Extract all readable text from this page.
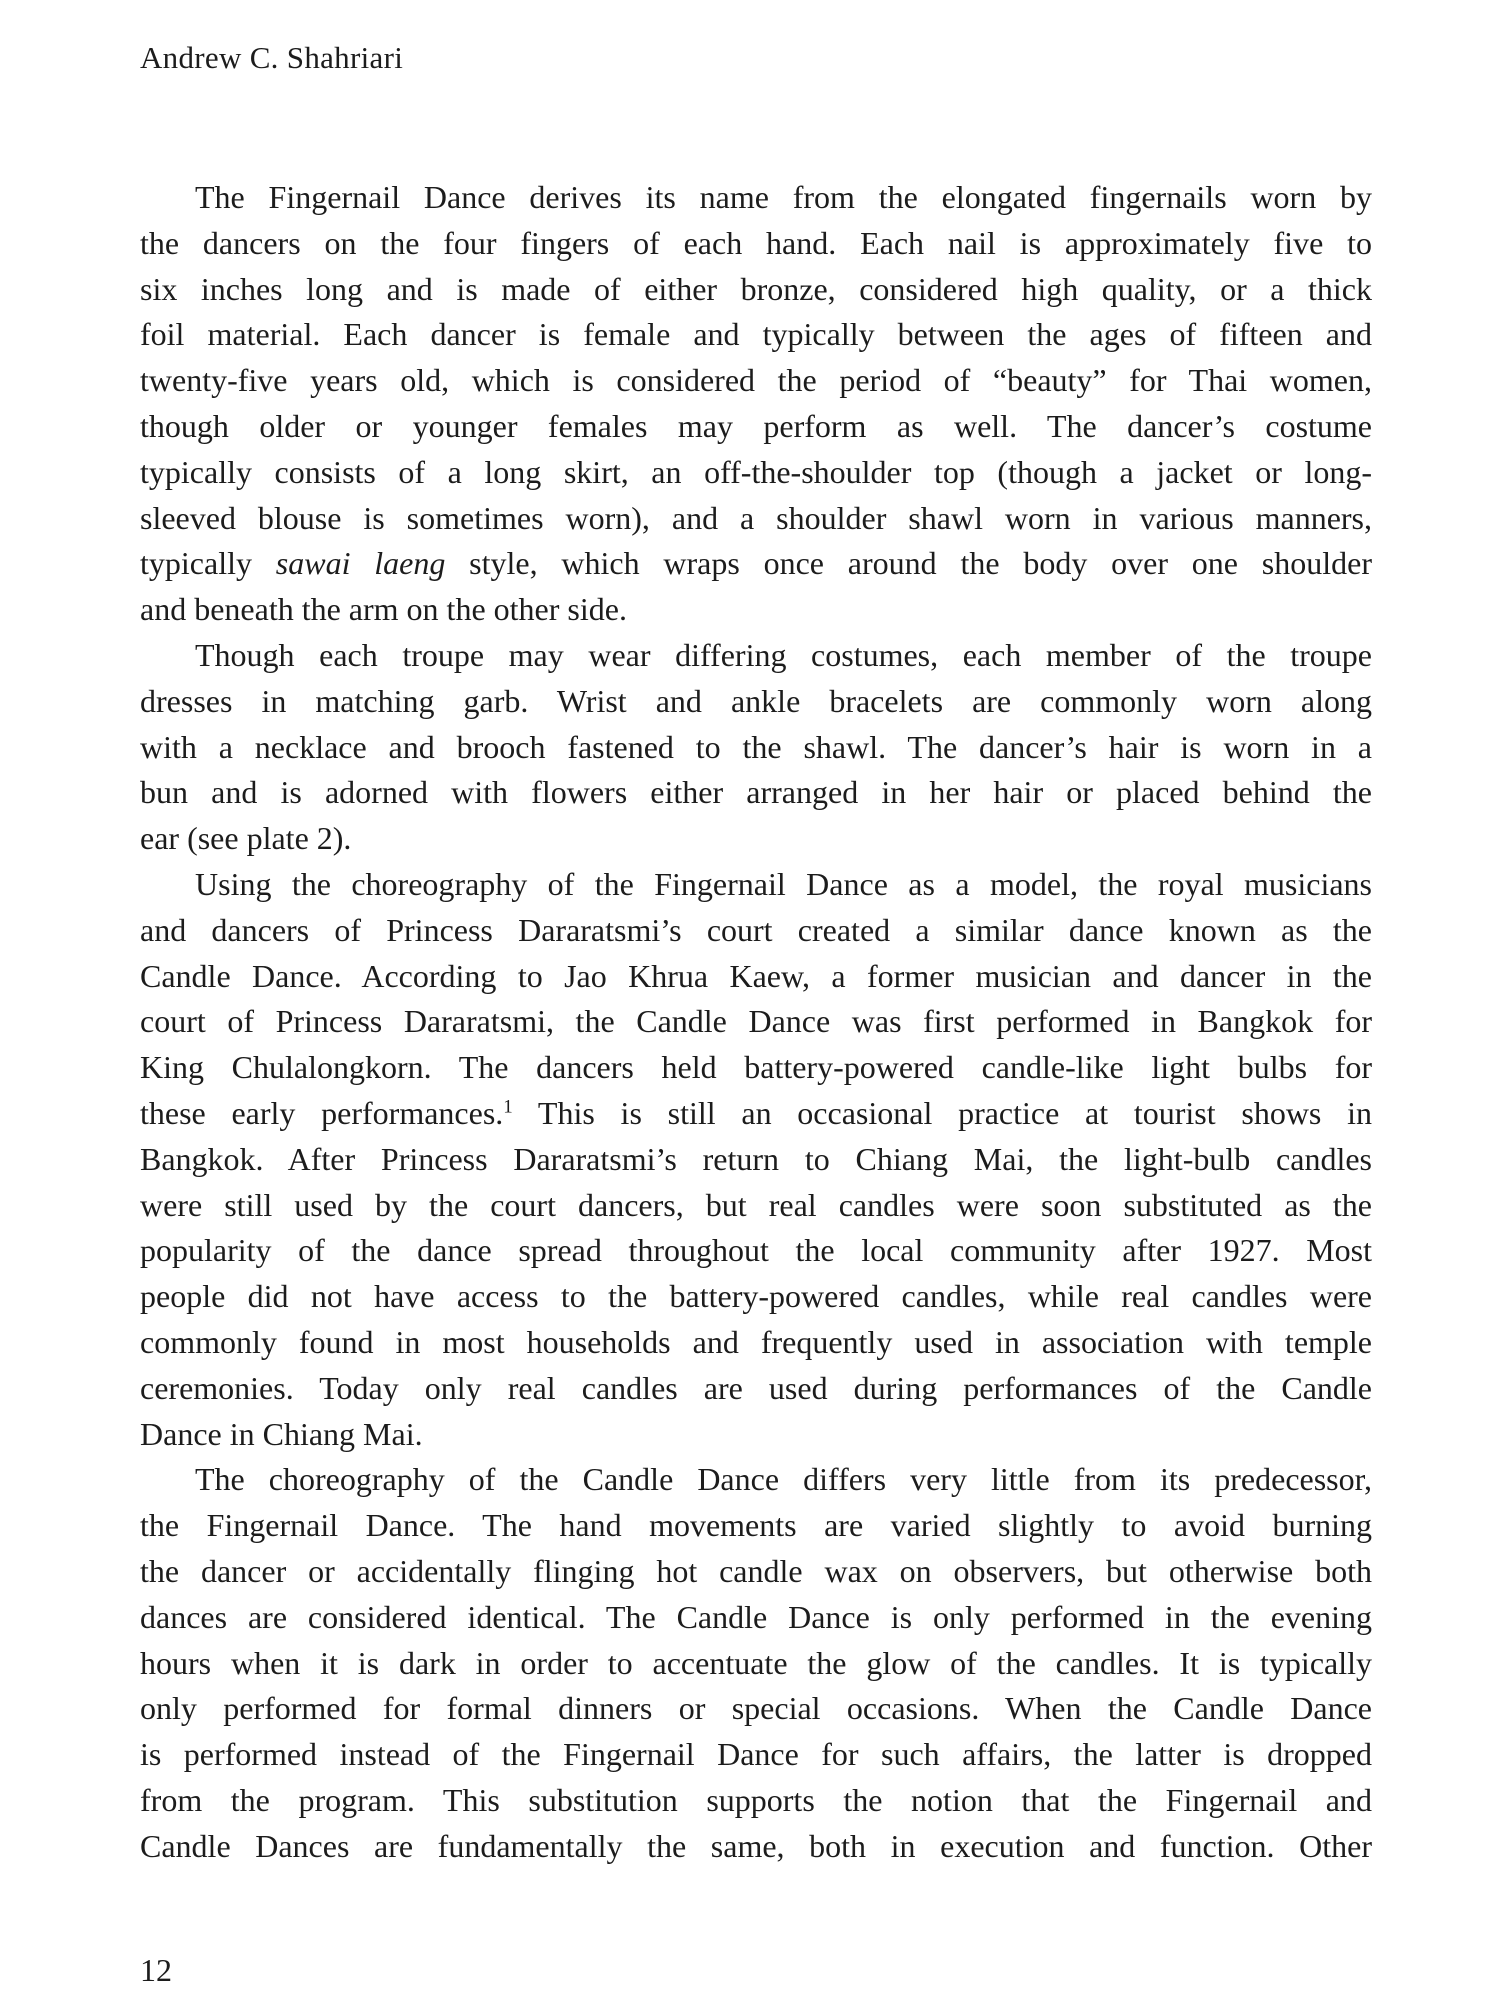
Andrew C. Shahriari
The Fingernail Dance derives its name from the elongated fingernails worn by
the dancers on the four fingers of each hand. Each nail is approximately five to
six inches long and is made of either bronze, considered high quality, or a thick
foil material. Each dancer is female and typically between the ages of fifteen and
twenty-five years old, which is considered the period of “beauty” for Thai women,
though older or younger females may perform as well. The dancer’s costume
typically consists of a long skirt, an off-the-shoulder top (though a jacket or long-
sleeved blouse is sometimes worn), and a shoulder shawl worn in various manners,
typically sawai laeng style, which wraps once around the body over one shoulder
and beneath the arm on the other side.
Though each troupe may wear differing costumes, each member of the troupe
dresses in matching garb. Wrist and ankle bracelets are commonly worn along
with a necklace and brooch fastened to the shawl. The dancer’s hair is worn in a
bun and is adorned with flowers either arranged in her hair or placed behind the
ear (see plate 2).
Using the choreography of the Fingernail Dance as a model, the royal musicians
and dancers of Princess Dararatsmi’s court created a similar dance known as the
Candle Dance. According to Jao Khrua Kaew, a former musician and dancer in the
court of Princess Dararatsmi, the Candle Dance was first performed in Bangkok for
King Chulalongkorn. The dancers held battery-powered candle-like light bulbs for
these early performances.$^1$ This is still an occasional practice at tourist shows in
Bangkok. After Princess Dararatsmi’s return to Chiang Mai, the light-bulb candles
were still used by the court dancers, but real candles were soon substituted as the
popularity of the dance spread throughout the local community after 1927. Most
people did not have access to the battery-powered candles, while real candles were
commonly found in most households and frequently used in association with temple
ceremonies. Today only real candles are used during performances of the Candle
Dance in Chiang Mai.
The choreography of the Candle Dance differs very little from its predecessor,
the Fingernail Dance. The hand movements are varied slightly to avoid burning
the dancer or accidentally flinging hot candle wax on observers, but otherwise both
dances are considered identical. The Candle Dance is only performed in the evening
hours when it is dark in order to accentuate the glow of the candles. It is typically
only performed for formal dinners or special occasions. When the Candle Dance
is performed instead of the Fingernail Dance for such affairs, the latter is dropped
from the program. This substitution supports the notion that the Fingernail and
Candle Dances are fundamentally the same, both in execution and function. Other
12
